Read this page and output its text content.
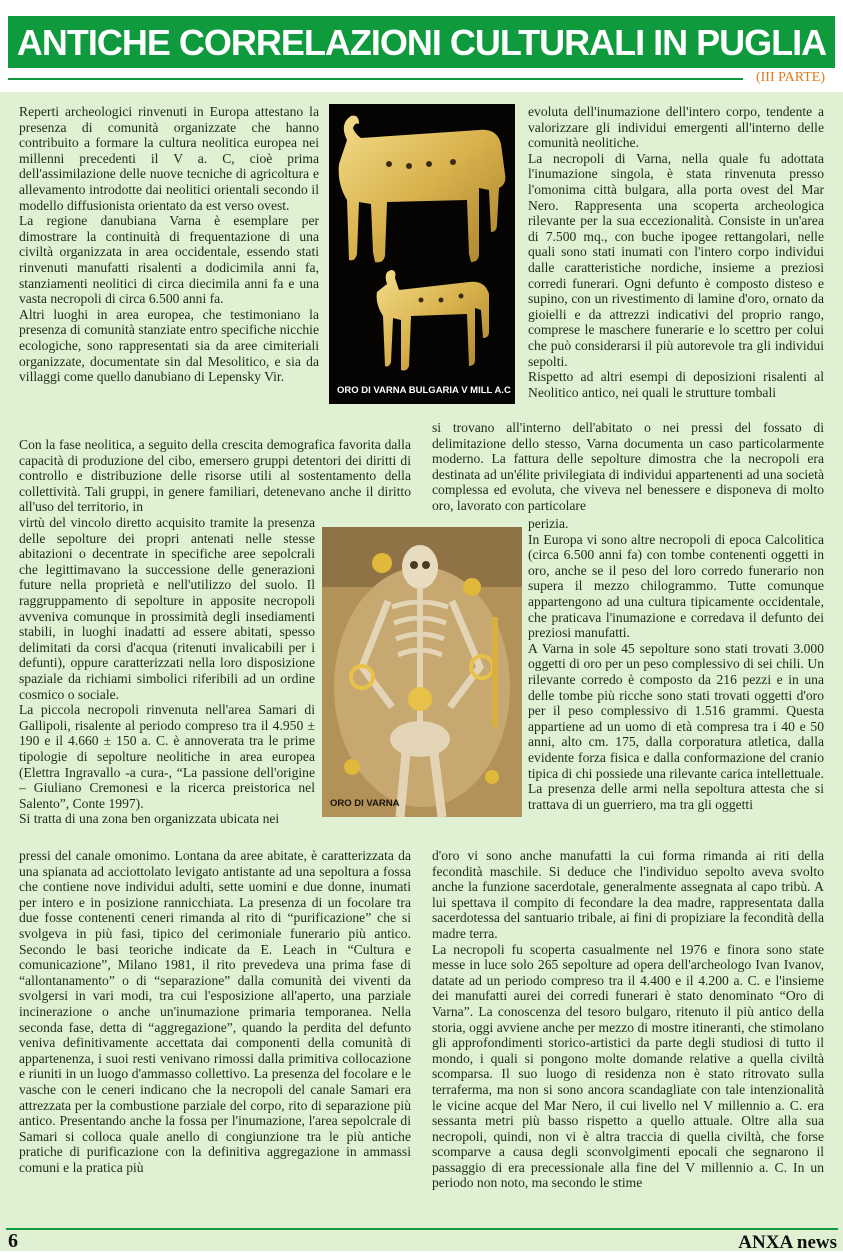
ANTICHE CORRELAZIONI CULTURALI IN PUGLIA
(III PARTE)

Reperti archeologici rinvenuti in Europa attestano la presenza di comunità organizzate che hanno contribuito a formare la cultura neolitica europea nei millenni precedenti il V a. C, cioè prima dell'assimilazione delle nuove tecniche di agricoltura e allevamento introdotte dai neolitici orientali secondo il modello diffusionista orientato da est verso ovest.

La regione danubiana Varna è esemplare per dimostrare la continuità di frequentazione di una civiltà organizzata in area occidentale, essendo stati rinvenuti manufatti risalenti a dodicimila anni fa, stanziamenti neolitici di circa diecimila anni fa e una vasta necropoli di circa 6.500 anni fa.

Altri luoghi in area europea, che testimoniano la presenza di comunità stanziate entro specifiche nicchie ecologiche, sono rappresentati sia da aree cimiteriali organizzate, documentate sin dal Mesolitico, e sia da villaggi come quello danubiano di Lepensky Vir.

ORO DI VARNA BULGARIA V MILL A.C

evoluta dell'inumazione dell'intero corpo, tendente a valorizzare gli individui emergenti all'interno delle comunità neolitiche.

La necropoli di Varna, nella quale fu adottata l'inumazione singola, è stata rinvenuta presso l'omonima città bulgara, alla porta ovest del Mar Nero. Rappresenta una scoperta archeologica rilevante per la sua eccezionalità. Consiste in un'area di 7.500 mq., con buche ipogee rettangolari, nelle quali sono stati inumati con l'intero corpo individui dalle caratteristiche nordiche, insieme a preziosi corredi funerari. Ogni defunto è composto disteso e supino, con un rivestimento di lamine d'oro, ornato da gioielli e da attrezzi indicativi del proprio rango, comprese le maschere funerarie e lo scettro per colui che può considerarsi il più autorevole tra gli individui sepolti.

Rispetto ad altri esempi di deposizioni risalenti al Neolitico antico, nei quali le strutture tombali

Con la fase neolitica, a seguito della crescita demografica favorita dalla capacità di produzione del cibo, emersero gruppi detentori dei diritti di controllo e distribuzione delle risorse utili al sostentamento della collettività. Tali gruppi, in genere familiari, detenevano anche il diritto all'uso del territorio, in

si trovano all'interno dell'abitato o nei pressi del fossato di delimitazione dello stesso, Varna documenta un caso particolarmente moderno. La fattura delle sepolture dimostra che la necropoli era destinata ad un'élite privilegiata di individui appartenenti ad una società complessa ed evoluta, che viveva nel benessere e disponeva di molto oro, lavorato con particolare

virtù del vincolo diretto acquisito tramite la presenza delle sepolture dei propri antenati nelle stesse abitazioni o decentrate in specifiche aree sepolcrali che legittimavano la successione delle generazioni future nella proprietà e nell'utilizzo del suolo. Il raggruppamento di sepolture in apposite necropoli avveniva comunque in prossimità degli insediamenti stabili, in luoghi inadatti ad essere abitati, spesso delimitati da corsi d'acqua (ritenuti invalicabili per i defunti), oppure caratterizzati nella loro disposizione spaziale da richiami simbolici riferibili ad un ordine cosmico o sociale.

La piccola necropoli rinvenuta nell'area Samari di Gallipoli, risalente al periodo compreso tra il 4.950 ± 190 e il 4.660 ± 150 a. C. è annoverata tra le prime tipologie di sepolture neolitiche in area europea (Elettra Ingravallo -a cura-, “La passione dell'origine – Giuliano Cremonesi e la ricerca preistorica nel Salento”, Conte 1997).

Si tratta di una zona ben organizzata ubicata nei

ORO DI VARNA

perizia.

In Europa vi sono altre necropoli di epoca Calcolitica (circa 6.500 anni fa) con tombe contenenti oggetti in oro, anche se il peso del loro corredo funerario non supera il mezzo chilogrammo. Tutte comunque appartengono ad una cultura tipicamente occidentale, che praticava l'inumazione e corredava il defunto dei preziosi manufatti.

A Varna in sole 45 sepolture sono stati trovati 3.000 oggetti di oro per un peso complessivo di sei chili. Un rilevante corredo è composto da 216 pezzi e in una delle tombe più ricche sono stati trovati oggetti d'oro per il peso complessivo di 1.516 grammi. Questa appartiene ad un uomo di età compresa tra i 40 e 50 anni, alto cm. 175, dalla corporatura atletica, dalla evidente forza fisica e dalla conformazione del cranio tipica di chi possiede una rilevante carica intellettuale. La presenza delle armi nella sepoltura attesta che si trattava di un guerriero, ma tra gli oggetti

pressi del canale omonimo. Lontana da aree abitate, è caratterizzata da una spianata ad acciottolato levigato antistante ad una sepoltura a fossa che contiene nove individui adulti, sette uomini e due donne, inumati per intero e in posizione rannicchiata. La presenza di un focolare tra due fosse contenenti ceneri rimanda al rito di “purificazione” che si svolgeva in più fasi, tipico del cerimoniale funerario più antico. Secondo le basi teoriche indicate da E. Leach in “Cultura e comunicazione”, Milano 1981, il rito prevedeva una prima fase di “allontanamento” o di “separazione” dalla comunità dei viventi da svolgersi in vari modi, tra cui l'esposizione all'aperto, una parziale incinerazione o anche un'inumazione primaria temporanea. Nella seconda fase, detta di “aggregazione”, quando la perdita del defunto veniva definitivamente accettata dai componenti della comunità di appartenenza, i suoi resti venivano rimossi dalla primitiva collocazione e riuniti in un luogo d'ammasso collettivo. La presenza del focolare e le vasche con le ceneri indicano che la necropoli del canale Samari era attrezzata per la combustione parziale del corpo, rito di separazione più antico. Presentando anche la fossa per l'inumazione, l'area sepolcrale di Samari si colloca quale anello di congiunzione tra le più antiche pratiche di purificazione con la definitiva aggregazione in ammassi comuni e la pratica più

d'oro vi sono anche manufatti la cui forma rimanda ai riti della fecondità maschile. Si deduce che l'individuo sepolto aveva svolto anche la funzione sacerdotale, generalmente assegnata al capo tribù. A lui spettava il compito di fecondare la dea madre, rappresentata dalla sacerdotessa del santuario tribale, ai fini di propiziare la fecondità della madre terra.

La necropoli fu scoperta casualmente nel 1976 e finora sono state messe in luce solo 265 sepolture ad opera dell'archeologo Ivan Ivanov, datate ad un periodo compreso tra il 4.400 e il 4.200 a. C. e l'insieme dei manufatti aurei dei corredi funerari è stato denominato “Oro di Varna”. La conoscenza del tesoro bulgaro, ritenuto il più antico della storia, oggi avviene anche per mezzo di mostre itineranti, che stimolano gli approfondimenti storico-artistici da parte degli studiosi di tutto il mondo, i quali si pongono molte domande relative a quella civiltà scomparsa. Il suo luogo di residenza non è stato ritrovato sulla terraferma, ma non si sono ancora scandagliate con tale intenzionalità le vicine acque del Mar Nero, il cui livello nel V millennio a. C. era sessanta metri più basso rispetto a quello attuale. Oltre alla sua necropoli, quindi, non vi è altra traccia di quella civiltà, che forse scomparve a causa degli sconvolgimenti epocali che segnarono il passaggio di era precessionale alla fine del V millennio a. C. In un periodo non noto, ma secondo le stime

6	ANXA news
